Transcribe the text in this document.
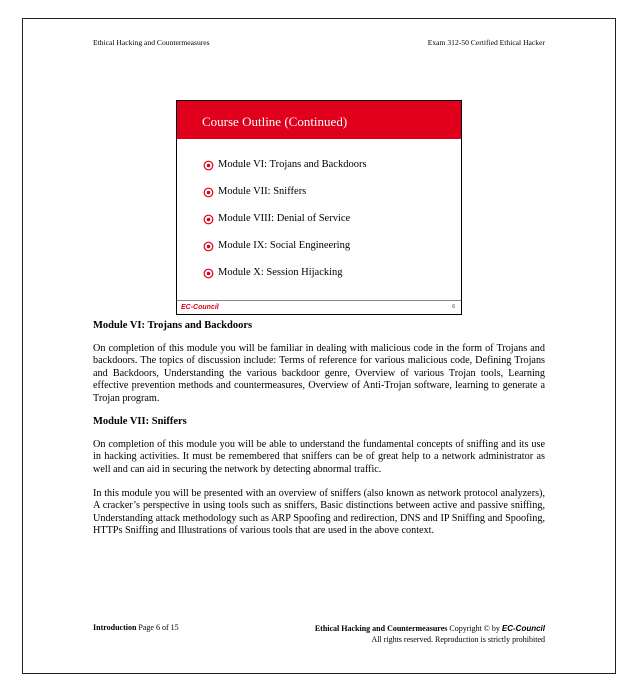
Ethical Hacking and Countermeasures	Exam 312-50 Certified Ethical Hacker
Course Outline (Continued)
Module VI: Trojans and Backdoors
Module VII: Sniffers
Module VIII: Denial of Service
Module IX: Social Engineering
Module X: Session Hijacking
EC-Council	6
Module VI: Trojans and Backdoors
On completion of this module you will be familiar in dealing with malicious code in the form of Trojans and backdoors. The topics of discussion include: Terms of reference for various malicious code, Defining Trojans and Backdoors, Understanding the various backdoor genre, Overview of various Trojan tools, Learning effective prevention methods and countermeasures, Overview of Anti-Trojan software, learning to generate a Trojan program.
Module VII: Sniffers
On completion of this module you will be able to understand the fundamental concepts of sniffing and its use in hacking activities. It must be remembered that sniffers can be of great help to a network administrator as well and can aid in securing the network by detecting abnormal traffic.
In this module you will be presented with an overview of sniffers (also known as network protocol analyzers), A cracker’s perspective in using tools such as sniffers, Basic distinctions between active and passive sniffing, Understanding attack methodology such as ARP Spoofing and redirection, DNS and IP Sniffing and Spoofing, HTTPs Sniffing and Illustrations of various tools that are used in the above context.
Introduction Page 6 of 15	Ethical Hacking and Countermeasures Copyright © by EC-Council
All rights reserved. Reproduction is strictly prohibited
